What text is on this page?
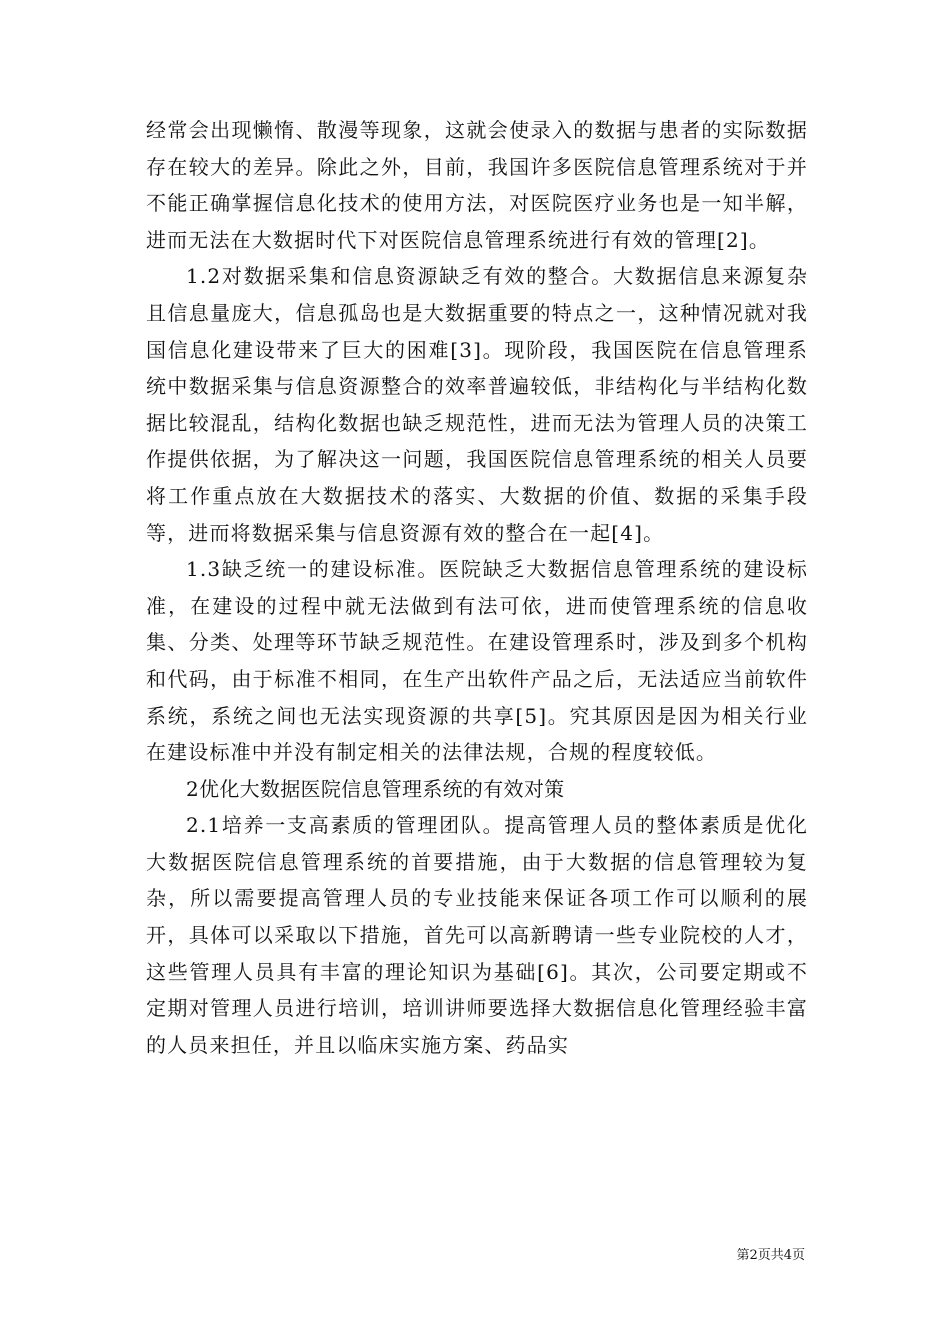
经常会出现懒惰、散漫等现象，这就会使录入的数据与患者的实际数据存在较大的差异。除此之外，目前，我国许多医院信息管理系统对于并不能正确掌握信息化技术的使用方法，对医院医疗业务也是一知半解，进而无法在大数据时代下对医院信息管理系统进行有效的管理[2]。

1.2对数据采集和信息资源缺乏有效的整合。大数据信息来源复杂且信息量庞大，信息孤岛也是大数据重要的特点之一，这种情况就对我国信息化建设带来了巨大的困难[3]。现阶段，我国医院在信息管理系统中数据采集与信息资源整合的效率普遍较低，非结构化与半结构化数据比较混乱，结构化数据也缺乏规范性，进而无法为管理人员的决策工作提供依据，为了解决这一问题，我国医院信息管理系统的相关人员要将工作重点放在大数据技术的落实、大数据的价值、数据的采集手段等，进而将数据采集与信息资源有效的整合在一起[4]。

1.3缺乏统一的建设标准。医院缺乏大数据信息管理系统的建设标准，在建设的过程中就无法做到有法可依，进而使管理系统的信息收集、分类、处理等环节缺乏规范性。在建设管理系时，涉及到多个机构和代码，由于标准不相同，在生产出软件产品之后，无法适应当前软件系统，系统之间也无法实现资源的共享[5]。究其原因是因为相关行业在建设标准中并没有制定相关的法律法规，合规的程度较低。

2优化大数据医院信息管理系统的有效对策

2.1培养一支高素质的管理团队。提高管理人员的整体素质是优化大数据医院信息管理系统的首要措施，由于大数据的信息管理较为复杂，所以需要提高管理人员的专业技能来保证各项工作可以顺利的展开，具体可以采取以下措施，首先可以高新聘请一些专业院校的人才，这些管理人员具有丰富的理论知识为基础[6]。其次，公司要定期或不定期对管理人员进行培训，培训讲师要选择大数据信息化管理经验丰富的人员来担任，并且以临床实施方案、药品实

第2页共4页
